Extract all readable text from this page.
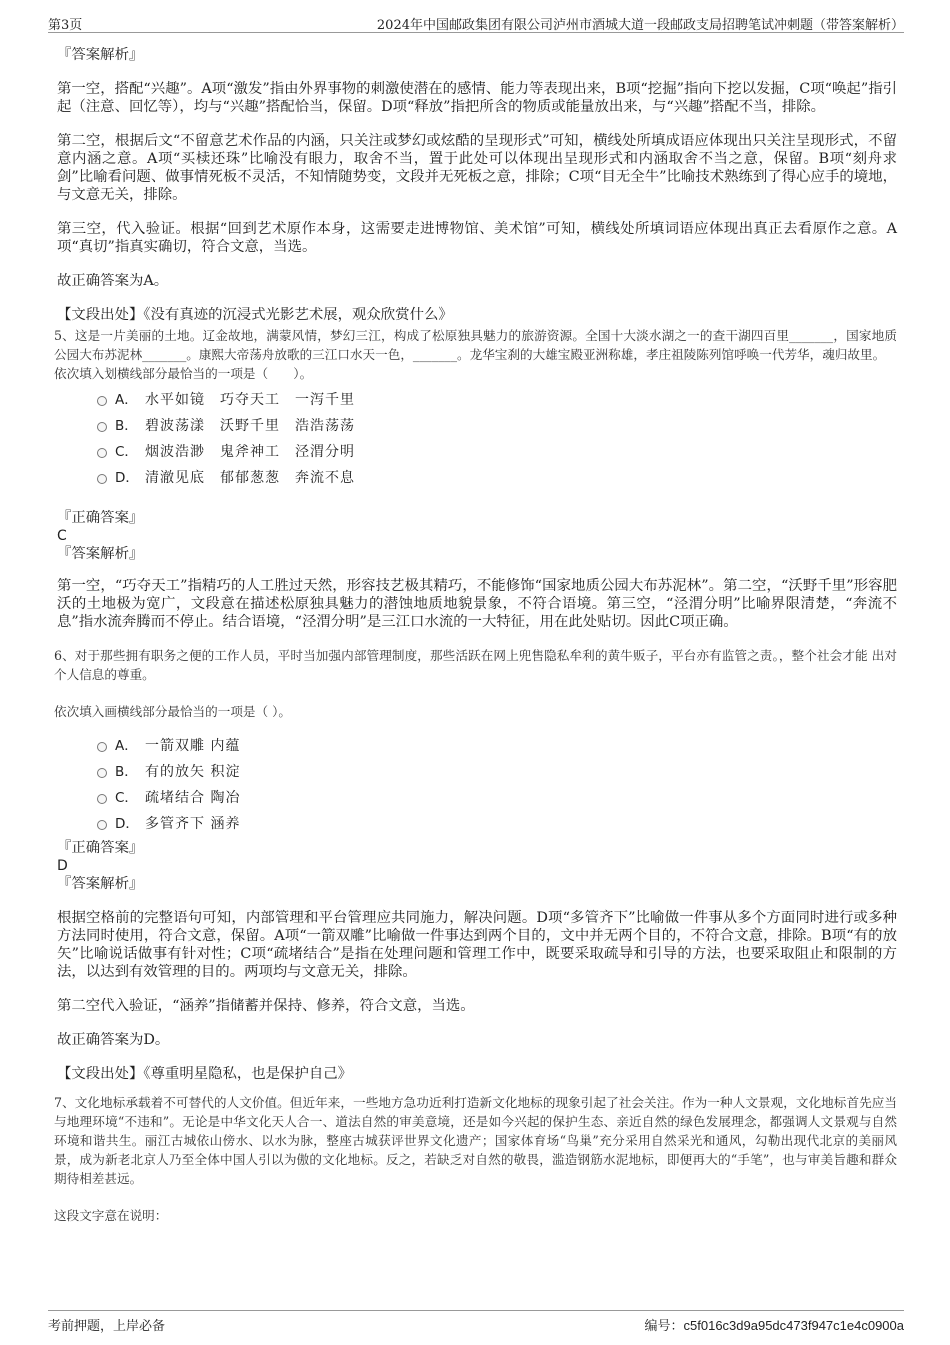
第3页	2024年中国邮政集团有限公司泸州市酒城大道一段邮政支局招聘笔试冲刺题（带答案解析）

『答案解析』

第一空，搭配“兴趣”。A项“激发”指由外界事物的刺激使潜在的感情、能力等表现出来，B项“挖掘”指向下挖以发掘，C项“唤起”指引起（注意、回忆等），均与“兴趣”搭配恰当，保留。D项“释放”指把所含的物质或能量放出来，与“兴趣”搭配不当，排除。

第二空，根据后文“不留意艺术作品的内涵，只关注或梦幻或炫酷的呈现形式”可知，横线处所填成语应体现出只关注呈现形式，不留意内涵之意。A项“买椟还珠”比喻没有眼力，取舍不当，置于此处可以体现出呈现形式和内涵取舍不当之意，保留。B项“刻舟求剑”比喻看问题、做事情死板不灵活，不知情随势变，文段并无死板之意，排除；C项“目无全牛”比喻技术熟练到了得心应手的境地，与文意无关，排除。

第三空，代入验证。根据“回到艺术原作本身，这需要走进博物馆、美术馆”可知，横线处所填词语应体现出真正去看原作之意。A项“真切”指真实确切，符合文意，当选。

故正确答案为A。

【文段出处】《没有真迹的沉浸式光影艺术展，观众欣赏什么》

5、这是一片美丽的土地。辽金故地，满蒙风情，梦幻三江，构成了松原独具魅力的旅游资源。全国十大淡水湖之一的查干湖四百里_______，国家地质公园大布苏泥林_______。康熙大帝荡舟放歌的三江口水天一色，_______。龙华宝刹的大雄宝殿亚洲称雄，孝庄祖陵陈列馆呼唤一代芳华，魂归故里。

依次填入划横线部分最恰当的一项是（　　）。

A． 水平如镜　巧夺天工　一泻千里
B． 碧波荡漾　沃野千里　浩浩荡荡
C． 烟波浩渺　鬼斧神工　泾渭分明
D． 清澈见底　郁郁葱葱　奔流不息

『正确答案』

C

『答案解析』

第一空，“巧夺天工”指精巧的人工胜过天然，形容技艺极其精巧，不能修饰“国家地质公园大布苏泥林”。第二空，“沃野千里”形容肥沃的土地极为宽广，文段意在描述松原独具魅力的潜蚀地质地貌景象，不符合语境。第三空，“泾渭分明”比喻界限清楚，“奔流不息”指水流奔腾而不停止。结合语境，“泾渭分明”是三江口水流的一大特征，用在此处贴切。因此C项正确。

6、对于那些拥有职务之便的工作人员，平时当加强内部管理制度，那些活跃在网上兜售隐私牟利的黄牛贩子，平台亦有监管之责。，整个社会才能 出对个人信息的尊重。

依次填入画横线部分最恰当的一项是（ ）。

A． 一箭双雕 内蕴
B． 有的放矢 积淀
C． 疏堵结合 陶冶
D． 多管齐下 涵养

『正确答案』

D

『答案解析』

根据空格前的完整语句可知，内部管理和平台管理应共同施力，解决问题。D项“多管齐下”比喻做一件事从多个方面同时进行或多种方法同时使用，符合文意，保留。A项“一箭双雕”比喻做一件事达到两个目的，文中并无两个目的，不符合文意，排除。B项“有的放矢”比喻说话做事有针对性；C项“疏堵结合”是指在处理问题和管理工作中，既要采取疏导和引导的方法，也要采取阻止和限制的方法，以达到有效管理的目的。两项均与文意无关，排除。

第二空代入验证，“涵养”指储蓄并保持、修养，符合文意，当选。

故正确答案为D。

【文段出处】《尊重明星隐私，也是保护自己》

7、文化地标承载着不可替代的人文价值。但近年来，一些地方急功近利打造新文化地标的现象引起了社会关注。作为一种人文景观，文化地标首先应当与地理环境“不违和”。无论是中华文化天人合一、道法自然的审美意境，还是如今兴起的保护生态、亲近自然的绿色发展理念，都强调人文景观与自然环境和谐共生。丽江古城依山傍水、以水为脉，整座古城获评世界文化遗产；国家体育场“鸟巢”充分采用自然采光和通风，勾勒出现代北京的美丽风景，成为新老北京人乃至全体中国人引以为傲的文化地标。反之，若缺乏对自然的敬畏，滥造钢筋水泥地标，即便再大的“手笔”，也与审美旨趣和群众期待相差甚远。

这段文字意在说明：

考前押题，上岸必备	编号：c5f016c3d9a95dc473f947c1e4c0900a
